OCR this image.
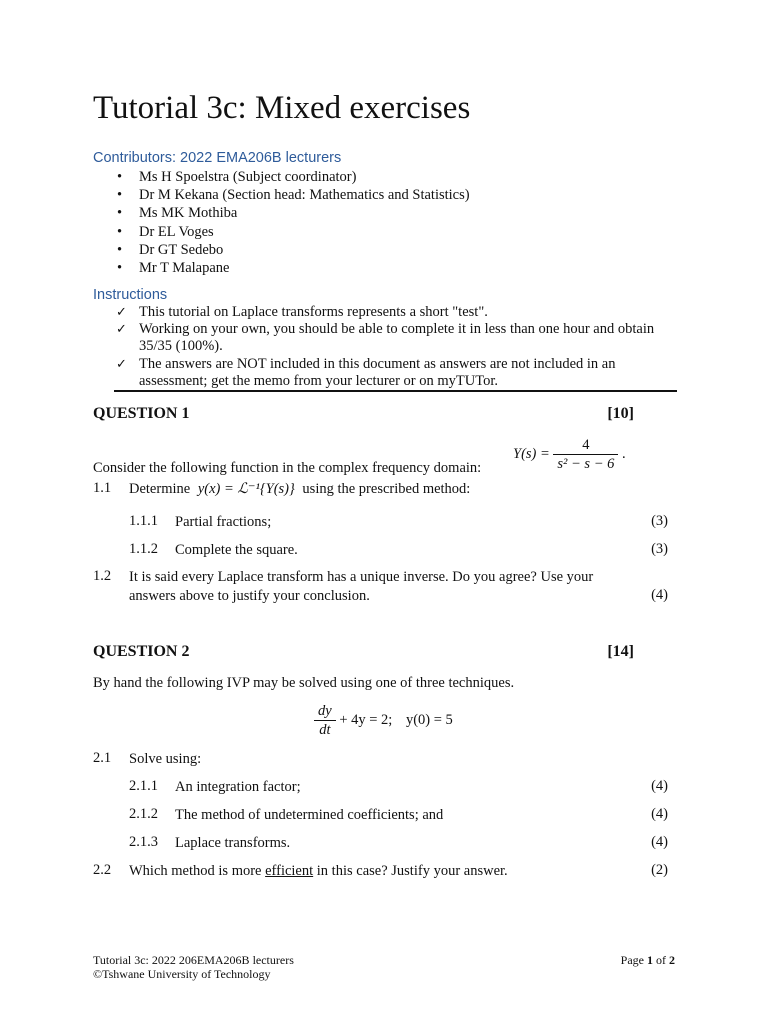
Tutorial 3c: Mixed exercises
Contributors: 2022 EMA206B lecturers
• Ms H Spoelstra (Subject coordinator)
• Dr M Kekana (Section head: Mathematics and Statistics)
• Ms MK Mothiba
• Dr EL Voges
• Dr GT Sedebo
• Mr T Malapane
Instructions
✓ This tutorial on Laplace transforms represents a short "test".
✓ Working on your own, you should be able to complete it in less than one hour and obtain 35/35 (100%).
✓ The answers are NOT included in this document as answers are not included in an assessment; get the memo from your lecturer or on myTUTor.
QUESTION 1	[10]
$Y(s) = \frac{4}{\text{s² − s − 6}}$ .
Consider the following function in the complex frequency domain:
1.1 Determine y(x) = ℒ⁻¹{Y(s)} using the prescribed method:
1.1.1 Partial fractions;	(3)
1.1.2 Complete the square.	(3)
1.2 It is said every Laplace transform has a unique inverse. Do you agree? Use your
answers above to justify your conclusion.	(4)
QUESTION 2	[14]
By hand the following IVP may be solved using one of three techniques.
$\frac{dy}{dt} + 4y = 2$; y(0) = 5
2.1 Solve using:
2.1.1 An integration factor;	(4)
2.1.2 The method of undetermined coefficients; and	(4)
2.1.3 Laplace transforms.	(4)
2.2 Which method is more efficient in this case? Justify your answer.	(2)
Tutorial 3c: 2022 206EMA206B lecturers
©Tshwane University of Technology
Page 1 of 2
